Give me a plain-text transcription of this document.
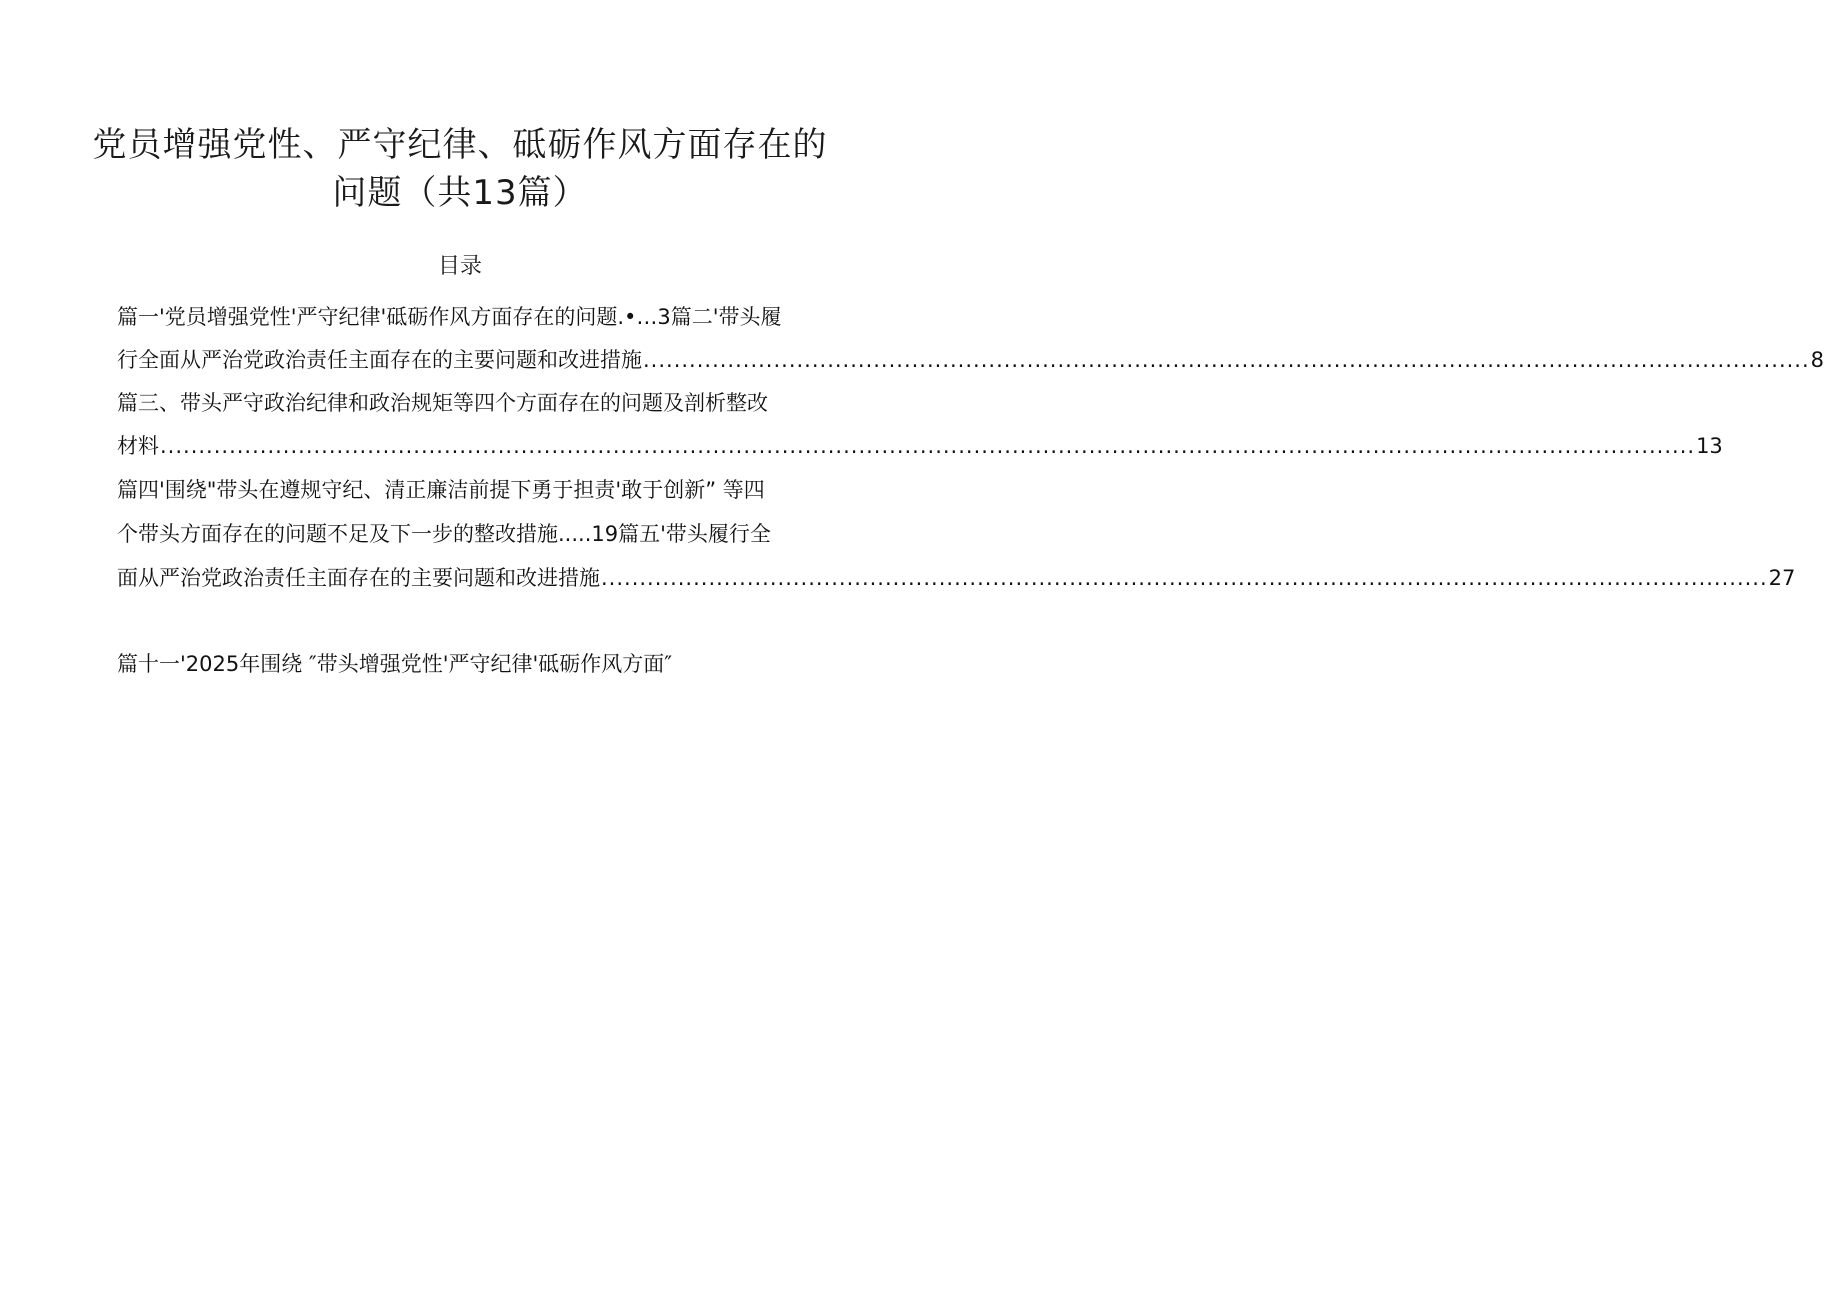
党员增强党性、严守纪律、砥砺作风方面存在的
问题（共13篇）
目录
篇一'党员增强党性'严守纪律'砥砺作风方面存在的问题.•…3篇二'带头履
行全面从严治党政治责任主面存在的主要问题和改进措施 ........................................................................................................................................................ 8
篇三、带头严守政治纪律和政治规矩等四个方面存在的问题及剖析整改
材料 ........................................................................................................................................................................................................ 13
篇四'围绕"带头在遵规守纪、清正廉洁前提下勇于担责'敢于创新” 等四
个带头方面存在的问题不足及下一步的整改措施.....19篇五'带头履行全
面从严治党政治责任主面存在的主要问题和改进措施 ........................................................................................................................................................ 27
篇十一'2025年围绕 ″带头增强党性'严守纪律'砥砺作风方面″
